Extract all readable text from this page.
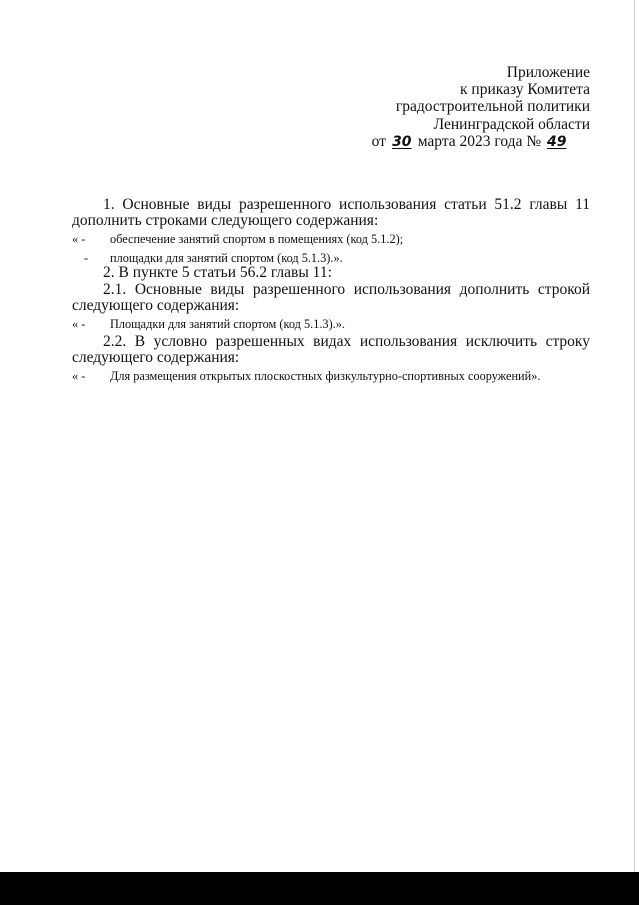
Приложение
к приказу Комитета
градостроительной политики
Ленинградской области
от 30 марта 2023 года № 49

1. Основные виды разрешенного использования статьи 51.2 главы 11 дополнить строками следующего содержания:

« -	обеспечение занятий спортом в помещениях (код 5.1.2);

-	площадки для занятий спортом (код 5.1.3).».

2. В пункте 5 статьи 56.2 главы 11:

2.1. Основные виды разрешенного использования дополнить строкой следующего содержания:

« -	Площадки для занятий спортом (код 5.1.3).».

2.2. В условно разрешенных видах использования исключить строку следующего содержания:

« -	Для размещения открытых плоскостных физкультурно-спортивных сооружений».
